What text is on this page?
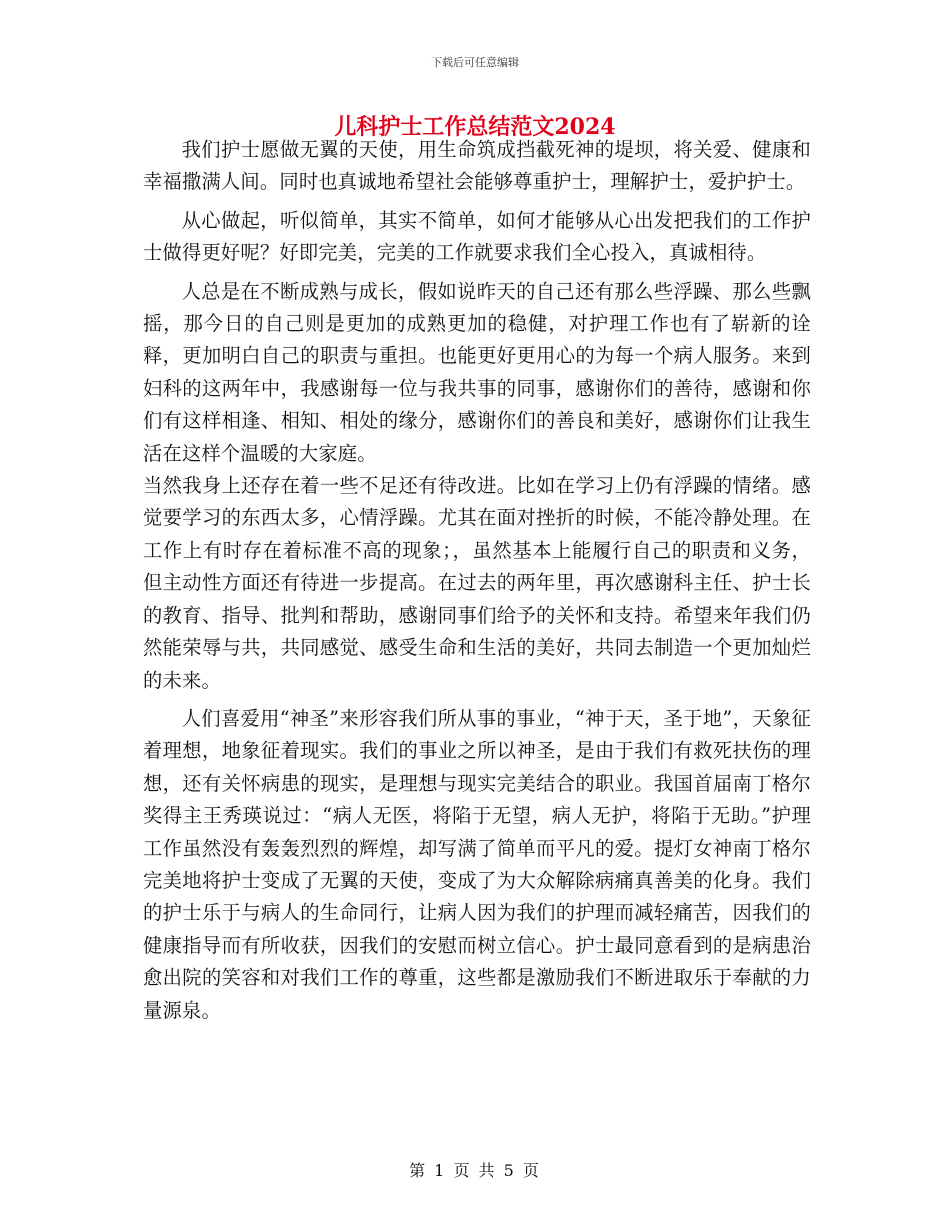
下载后可任意编辑
儿科护士工作总结范文2024

我们护士愿做无翼的天使，用生命筑成挡截死神的堤坝，将关爱、健康和幸福撒满人间。同时也真诚地希望社会能够尊重护士，理解护士，爱护护士。

从心做起，听似简单，其实不简单，如何才能够从心出发把我们的工作护士做得更好呢？好即完美，完美的工作就要求我们全心投入，真诚相待。

人总是在不断成熟与成长，假如说昨天的自己还有那么些浮躁、那么些飘摇，那今日的自己则是更加的成熟更加的稳健，对护理工作也有了崭新的诠释，更加明白自己的职责与重担。也能更好更用心的为每一个病人服务。来到妇科的这两年中，我感谢每一位与我共事的同事，感谢你们的善待，感谢和你们有这样相逢、相知、相处的缘分，感谢你们的善良和美好，感谢你们让我生活在这样个温暖的大家庭。

当然我身上还存在着一些不足还有待改进。比如在学习上仍有浮躁的情绪。感觉要学习的东西太多，心情浮躁。尤其在面对挫折的时候，不能冷静处理。在工作上有时存在着标准不高的现象；，虽然基本上能履行自己的职责和义务，但主动性方面还有待进一步提高。在过去的两年里，再次感谢科主任、护士长的教育、指导、批判和帮助，感谢同事们给予的关怀和支持。希望来年我们仍然能荣辱与共，共同感觉、感受生命和生活的美好，共同去制造一个更加灿烂的未来。

人们喜爱用“神圣”来形容我们所从事的事业，“神于天，圣于地”，天象征着理想，地象征着现实。我们的事业之所以神圣，是由于我们有救死扶伤的理想，还有关怀病患的现实，是理想与现实完美结合的职业。我国首届南丁格尔奖得主王秀瑛说过：“病人无医，将陷于无望，病人无护，将陷于无助。”护理工作虽然没有轰轰烈烈的辉煌，却写满了简单而平凡的爱。提灯女神南丁格尔完美地将护士变成了无翼的天使，变成了为大众解除病痛真善美的化身。我们的护士乐于与病人的生命同行，让病人因为我们的护理而减轻痛苦，因我们的健康指导而有所收获，因我们的安慰而树立信心。护士最同意看到的是病患治愈出院的笑容和对我们工作的尊重，这些都是激励我们不断进取乐于奉献的力量源泉。

第 1 页 共 5 页
